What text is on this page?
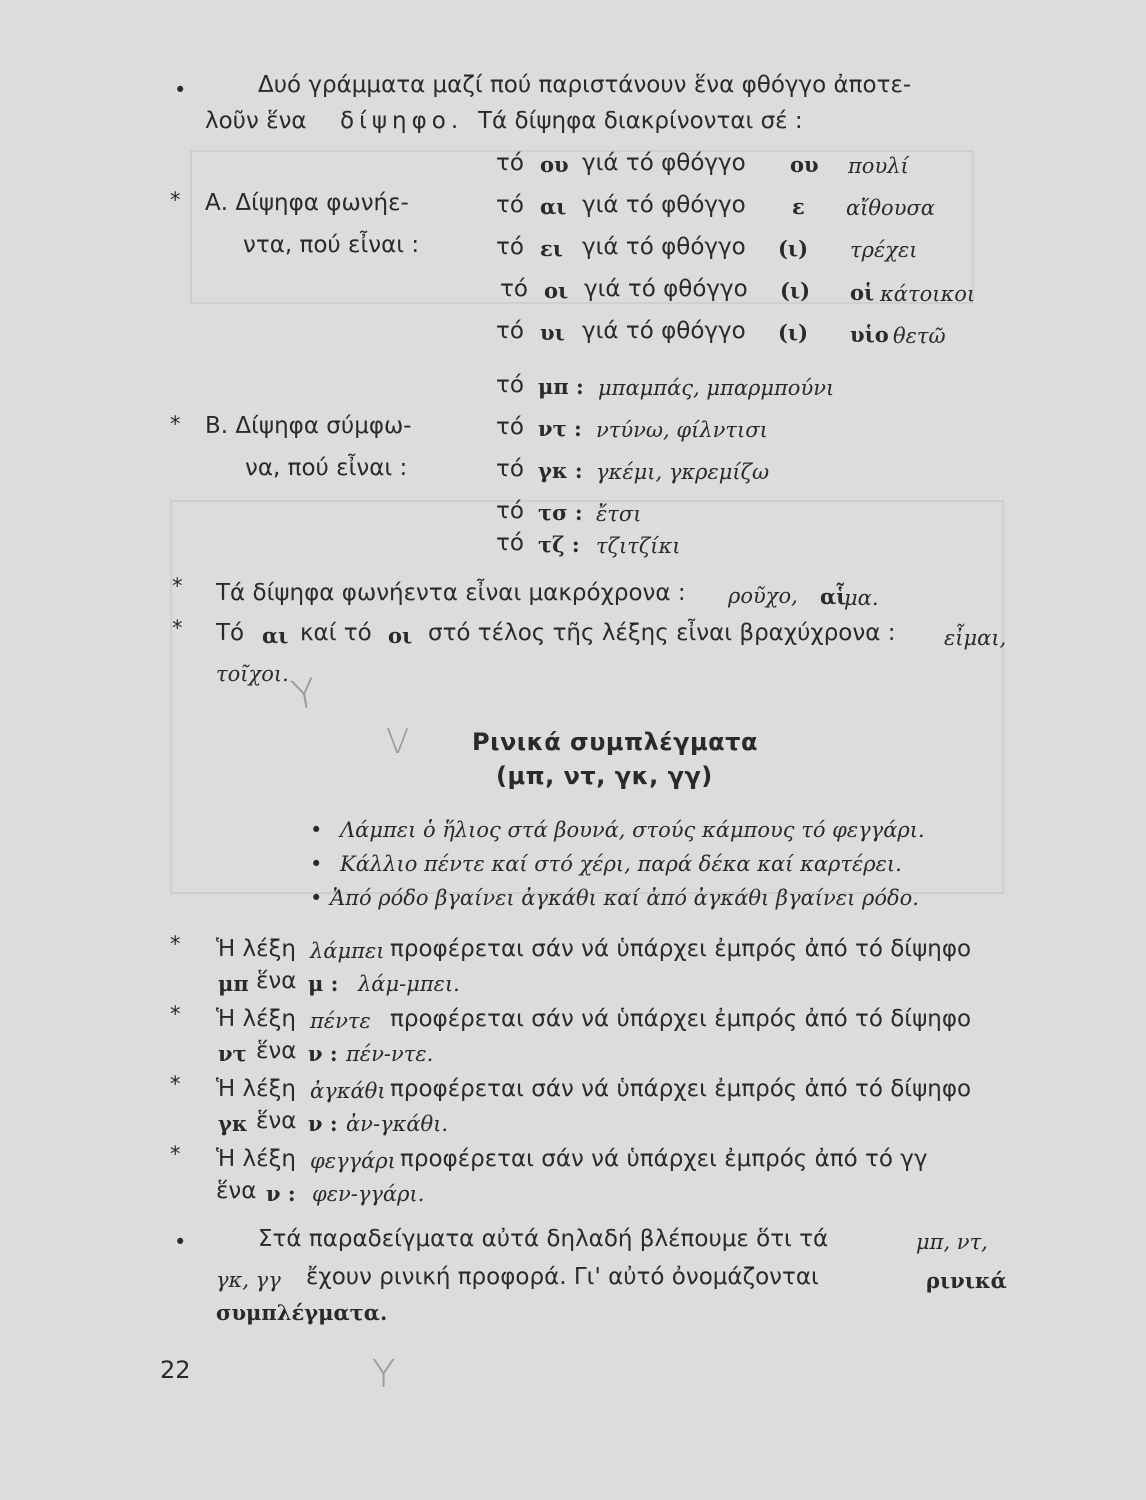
•	Δυό γράμματα μαζί πού παριστάνουν ἕνα φθόγγο ἀποτε-
λοῦν ἕνα δίψηφο. Τά δίψηφα διακρίνονται σέ :
* Α. Δίψηφα φωνήε-
ντα, πού εἶναι :
τό ου γιά τό φθόγγο ου πουλί
τό αι γιά τό φθόγγο ε αἴθουσα
τό ει γιά τό φθόγγο (ι) τρέχει
τό οι γιά τό φθόγγο (ι) οἱ κάτοικοι
τό υι γιά τό φθόγγο (ι) υἱο θετῶ
* Β. Δίψηφα σύμφω-
να, πού εἶναι :
τό μπ : μπαμπάς, μπαρμπούνι
τό ντ : ντύνω, φίλντισι
τό γκ : γκέμι, γκρεμίζω
τό τσ : ἔτσι
τό τζ : τζιτζίκι
* Τά δίψηφα φωνήεντα εἶναι μακρόχρονα : ροῦχο, αἷ
μα.
* Τό αι καί τό οι στό τέλος τῆς λέξης εἶναι βραχύχρονα : εἶμαι,
τοῖχοι. Y
V	Ρινικά συμπλέγματα
(μπ, ντ, γκ, γγ)
• Λάμπει ὁ ἥλιος στά βουνά, στούς κάμπους τό φεγγάρι.
• Κάλλιο πέντε καί στό χέρι, παρά δέκα καί καρτέρει.
• Ἀπό ρόδο βγαίνει ἀγκάθι καί ἀπό ἀγκάθι βγαίνει ρόδο.
* Ἡ λέξη λάμπει προφέρεται σάν νά ὑπάρχει ἐμπρός ἀπό τό δίψηφο
μπ ἕνα μ : λάμ-μπει.
* Ἡ λέξη πέντε προφέρεται σάν νά ὑπάρχει ἐμπρός ἀπό τό δίψηφο
ντ ἕνα ν : πέν-ντε.
* Ἡ λέξη ἀγκάθι προφέρεται σάν νά ὑπάρχει ἐμπρός ἀπό τό δίψηφο
γκ ἕνα ν : ἀν-γκάθι.
* Ἡ λέξη φεγγάρι προφέρεται σάν νά ὑπάρχει ἐμπρός ἀπό τό γγ
ἕνα ν : φεν-γγάρι.
•	Στά παραδείγματα αὐτά δηλαδή βλέπουμε ὅτι τά	μπ, ντ,
γκ, γγ ἔχουν ρινική προφορά. Γι' αὐτό ὀνομάζονται	ρινικά
συμπλέγματα.
22	Y
